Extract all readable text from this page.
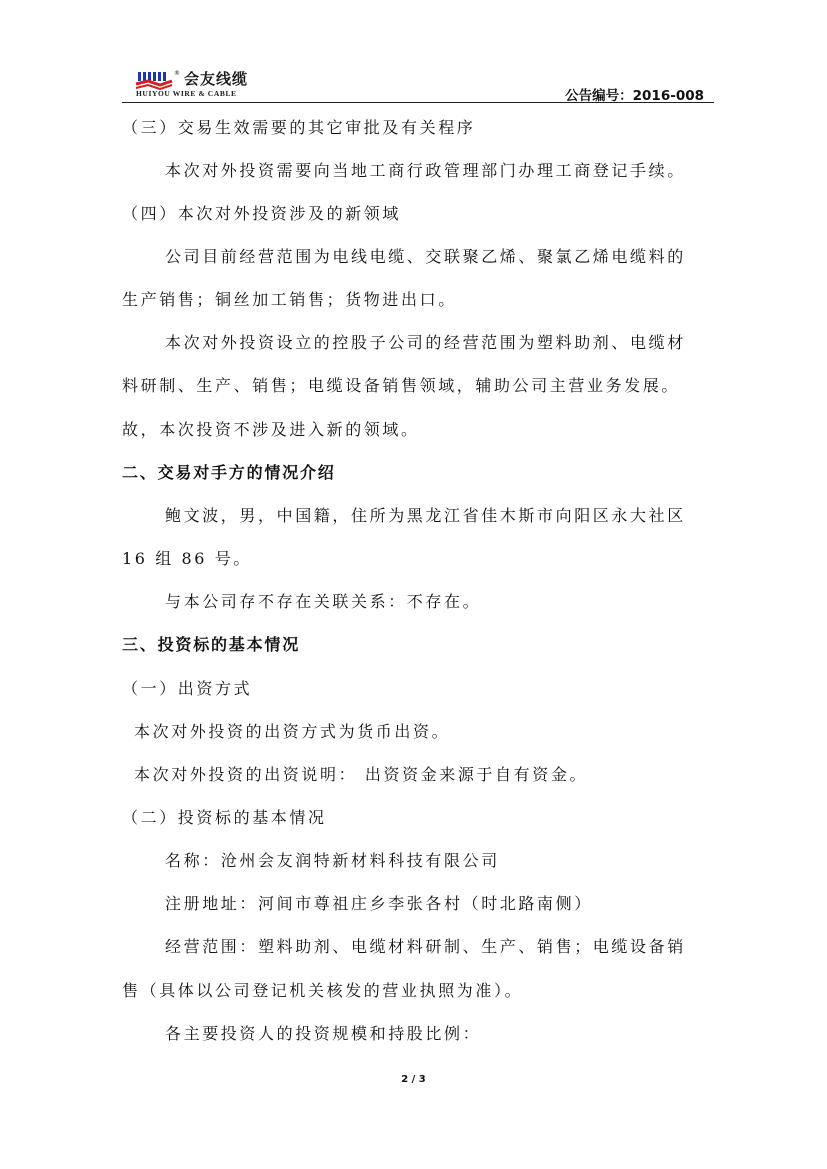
® 会友线缆
HUIYOU WIRE & CABLE	公告编号：2016-008
（三）交易生效需要的其它审批及有关程序
本次对外投资需要向当地工商行政管理部门办理工商登记手续。
（四）本次对外投资涉及的新领域
公司目前经营范围为电线电缆、交联聚乙烯、聚氯乙烯电缆料的
生产销售；铜丝加工销售；货物进出口。
本次对外投资设立的控股子公司的经营范围为塑料助剂、电缆材
料研制、生产、销售；电缆设备销售领域，辅助公司主营业务发展。
故，本次投资不涉及进入新的领域。
二、交易对手方的情况介绍
鲍文波，男，中国籍，住所为黑龙江省佳木斯市向阳区永大社区
16 组 86 号。
与本公司存不存在关联关系：不存在。
三、投资标的基本情况
（一）出资方式
本次对外投资的出资方式为货币出资。
本次对外投资的出资说明： 出资资金来源于自有资金。
（二）投资标的基本情况
名称：沧州会友润特新材料科技有限公司
注册地址：河间市尊祖庄乡李张各村（时北路南侧）
经营范围：塑料助剂、电缆材料研制、生产、销售；电缆设备销
售（具体以公司登记机关核发的营业执照为准）。
各主要投资人的投资规模和持股比例：
2 / 3
